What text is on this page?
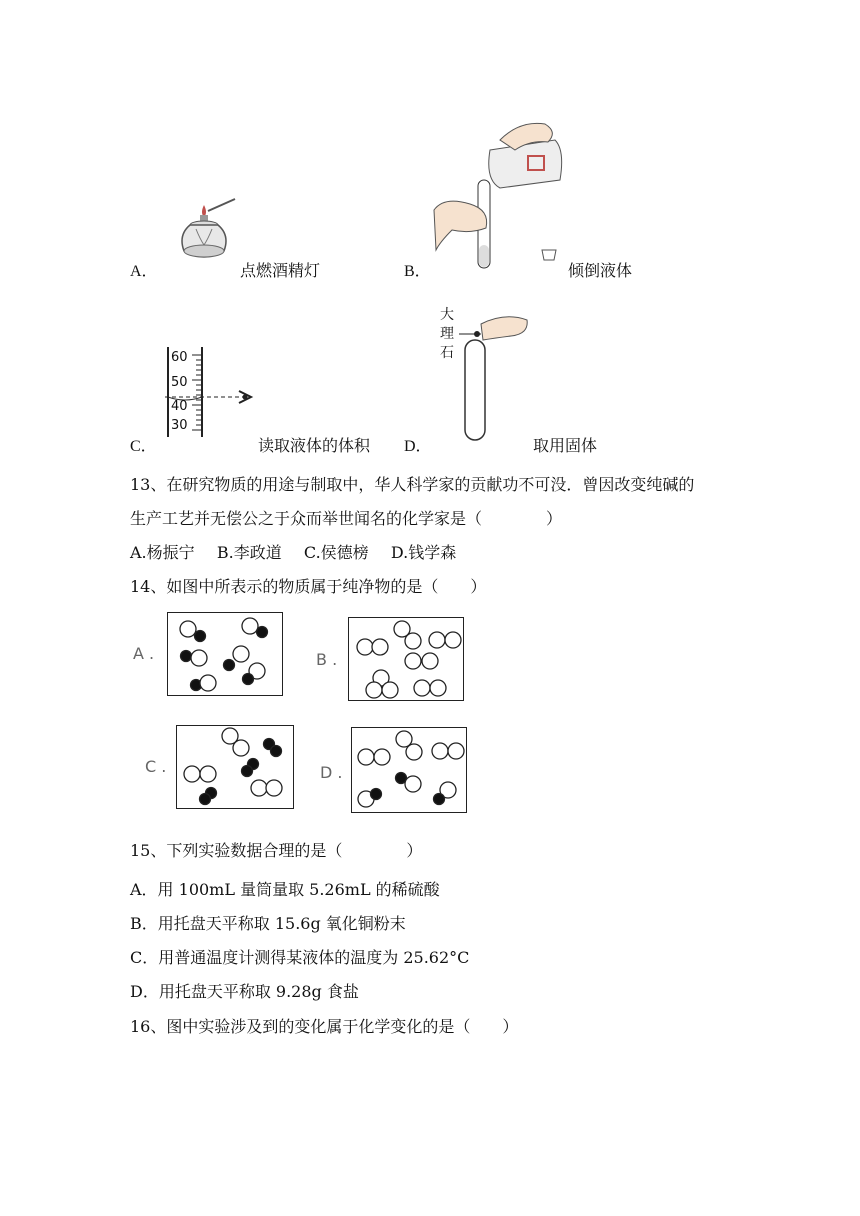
A．	点燃酒精灯	B．	倾倒液体
60
50
40
30
C．	读取液体的体积
大
理
石
D．	取用固体
13、在研究物质的用途与制取中，华人科学家的贡献功不可没．曾因改变纯碱的
生产工艺并无偿公之于众而举世闻名的化学家是（　　　　）
A.杨振宁 B.李政道 C.侯德榜 D.钱学森
14、如图中所表示的物质属于纯净物的是（　　）
A .	B .
C .	D .
15、下列实验数据合理的是（　　　　）
A．用 100mL 量筒量取 5.26mL 的稀硫酸
B．用托盘天平称取 15.6g 氧化铜粉末
C．用普通温度计测得某液体的温度为 25.62°C
D．用托盘天平称取 9.28g 食盐
16、图中实验涉及到的变化属于化学变化的是（　　）
